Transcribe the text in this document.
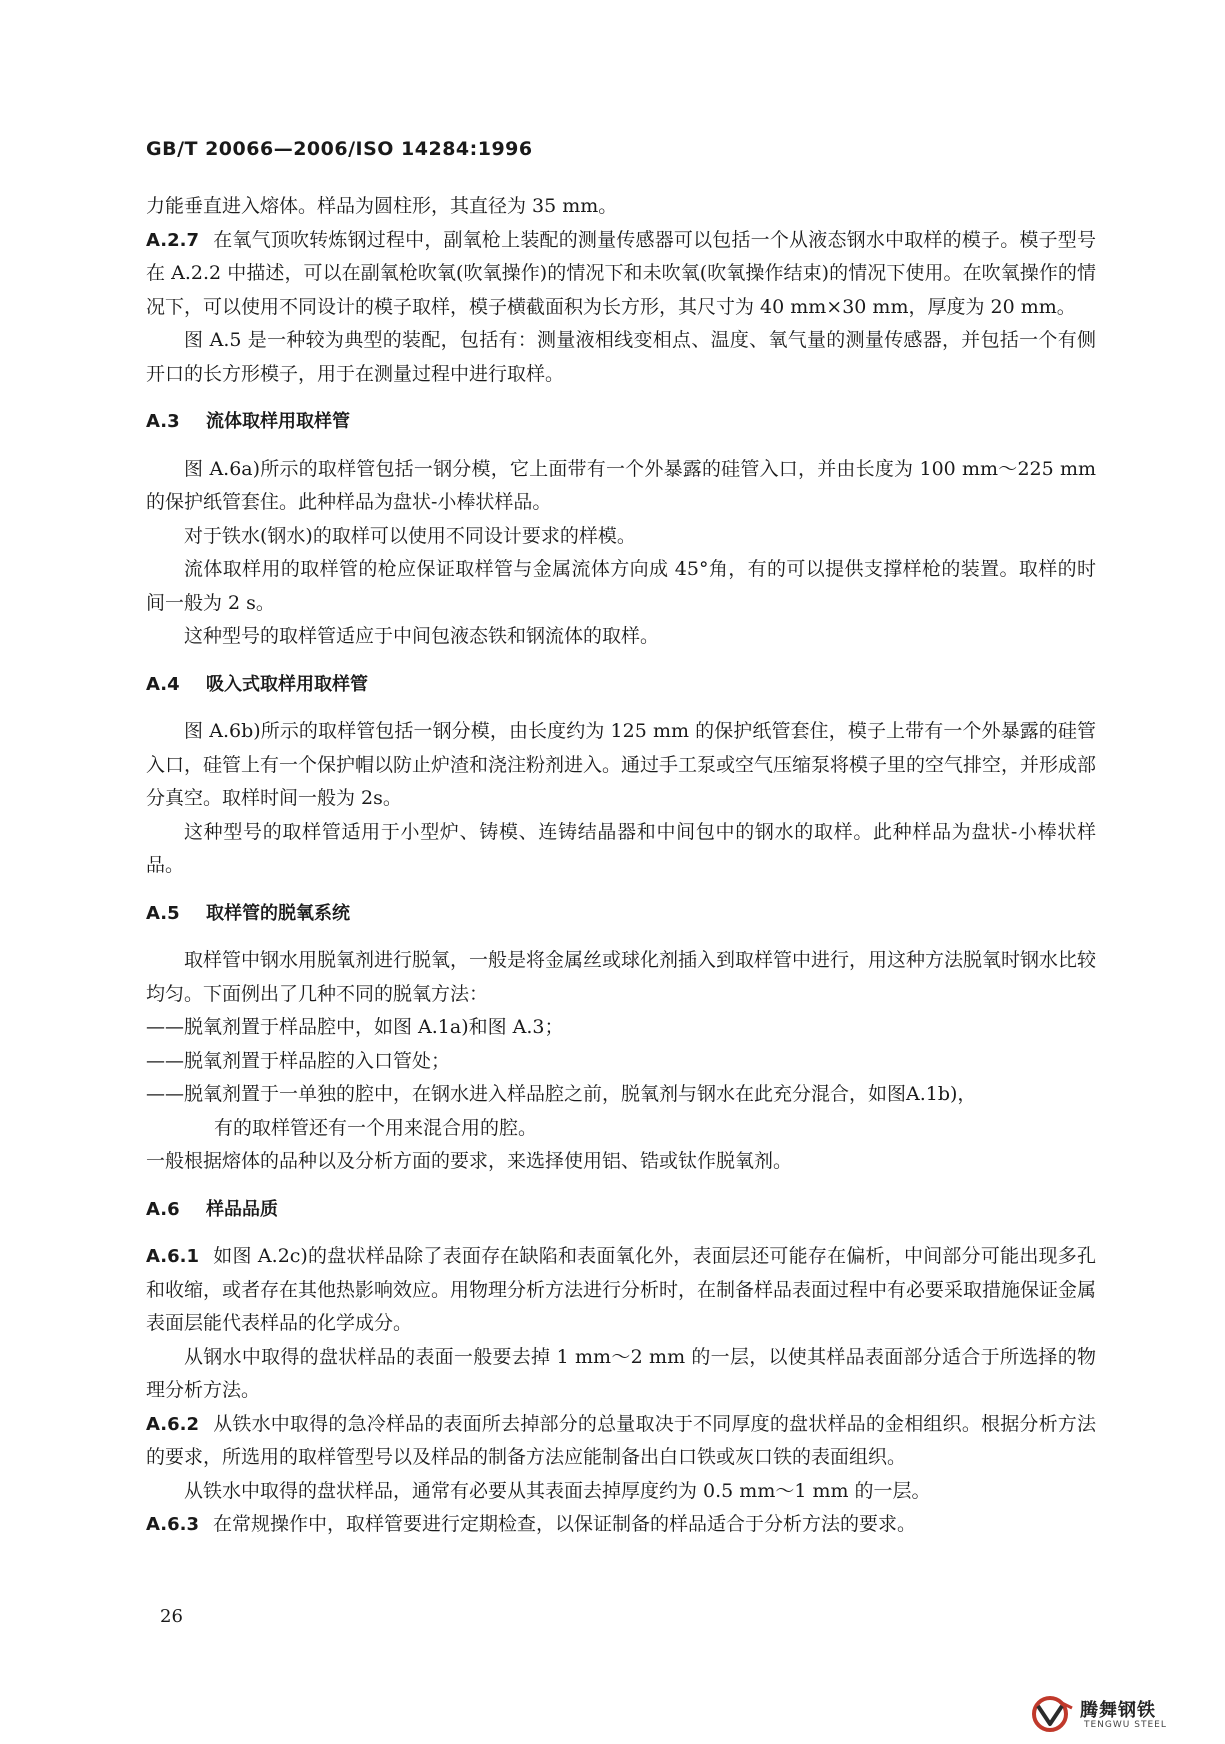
GB/T 20066—2006/ISO 14284:1996

力能垂直进入熔体。样品为圆柱形，其直径为 35 mm。

A.2.7 在氧气顶吹转炼钢过程中，副氧枪上装配的测量传感器可以包括一个从液态钢水中取样的模子。模子型号在 A.2.2 中描述，可以在副氧枪吹氧(吹氧操作)的情况下和未吹氧(吹氧操作结束)的情况下使用。在吹氧操作的情况下，可以使用不同设计的模子取样，模子横截面积为长方形，其尺寸为 40 mm×30 mm，厚度为 20 mm。

图 A.5 是一种较为典型的装配，包括有：测量液相线变相点、温度、氧气量的测量传感器，并包括一个有侧开口的长方形模子，用于在测量过程中进行取样。

A.3 流体取样用取样管

图 A.6a)所示的取样管包括一钢分模，它上面带有一个外暴露的硅管入口，并由长度为 100 mm～225 mm 的保护纸管套住。此种样品为盘状-小棒状样品。

对于铁水(钢水)的取样可以使用不同设计要求的样模。

流体取样用的取样管的枪应保证取样管与金属流体方向成 45°角，有的可以提供支撑样枪的装置。取样的时间一般为 2 s。

这种型号的取样管适应于中间包液态铁和钢流体的取样。

A.4 吸入式取样用取样管

图 A.6b)所示的取样管包括一钢分模，由长度约为 125 mm 的保护纸管套住，模子上带有一个外暴露的硅管入口，硅管上有一个保护帽以防止炉渣和浇注粉剂进入。通过手工泵或空气压缩泵将模子里的空气排空，并形成部分真空。取样时间一般为 2s。

这种型号的取样管适用于小型炉、铸模、连铸结晶器和中间包中的钢水的取样。此种样品为盘状-小棒状样品。

A.5 取样管的脱氧系统

取样管中钢水用脱氧剂进行脱氧，一般是将金属丝或球化剂插入到取样管中进行，用这种方法脱氧时钢水比较均匀。下面例出了几种不同的脱氧方法：

——脱氧剂置于样品腔中，如图 A.1a)和图 A.3；

——脱氧剂置于样品腔的入口管处；

——脱氧剂置于一单独的腔中，在钢水进入样品腔之前，脱氧剂与钢水在此充分混合，如图A.1b)，

有的取样管还有一个用来混合用的腔。

一般根据熔体的品种以及分析方面的要求，来选择使用铝、锆或钛作脱氧剂。

A.6 样品品质

A.6.1 如图 A.2c)的盘状样品除了表面存在缺陷和表面氧化外，表面层还可能存在偏析，中间部分可能出现多孔和收缩，或者存在其他热影响效应。用物理分析方法进行分析时，在制备样品表面过程中有必要采取措施保证金属表面层能代表样品的化学成分。

从钢水中取得的盘状样品的表面一般要去掉 1 mm～2 mm 的一层，以使其样品表面部分适合于所选择的物理分析方法。

A.6.2 从铁水中取得的急冷样品的表面所去掉部分的总量取决于不同厚度的盘状样品的金相组织。根据分析方法的要求，所选用的取样管型号以及样品的制备方法应能制备出白口铁或灰口铁的表面组织。

从铁水中取得的盘状样品，通常有必要从其表面去掉厚度约为 0.5 mm～1 mm 的一层。

A.6.3 在常规操作中，取样管要进行定期检查，以保证制备的样品适合于分析方法的要求。

26
腾舞钢铁
TENGWU STEEL
